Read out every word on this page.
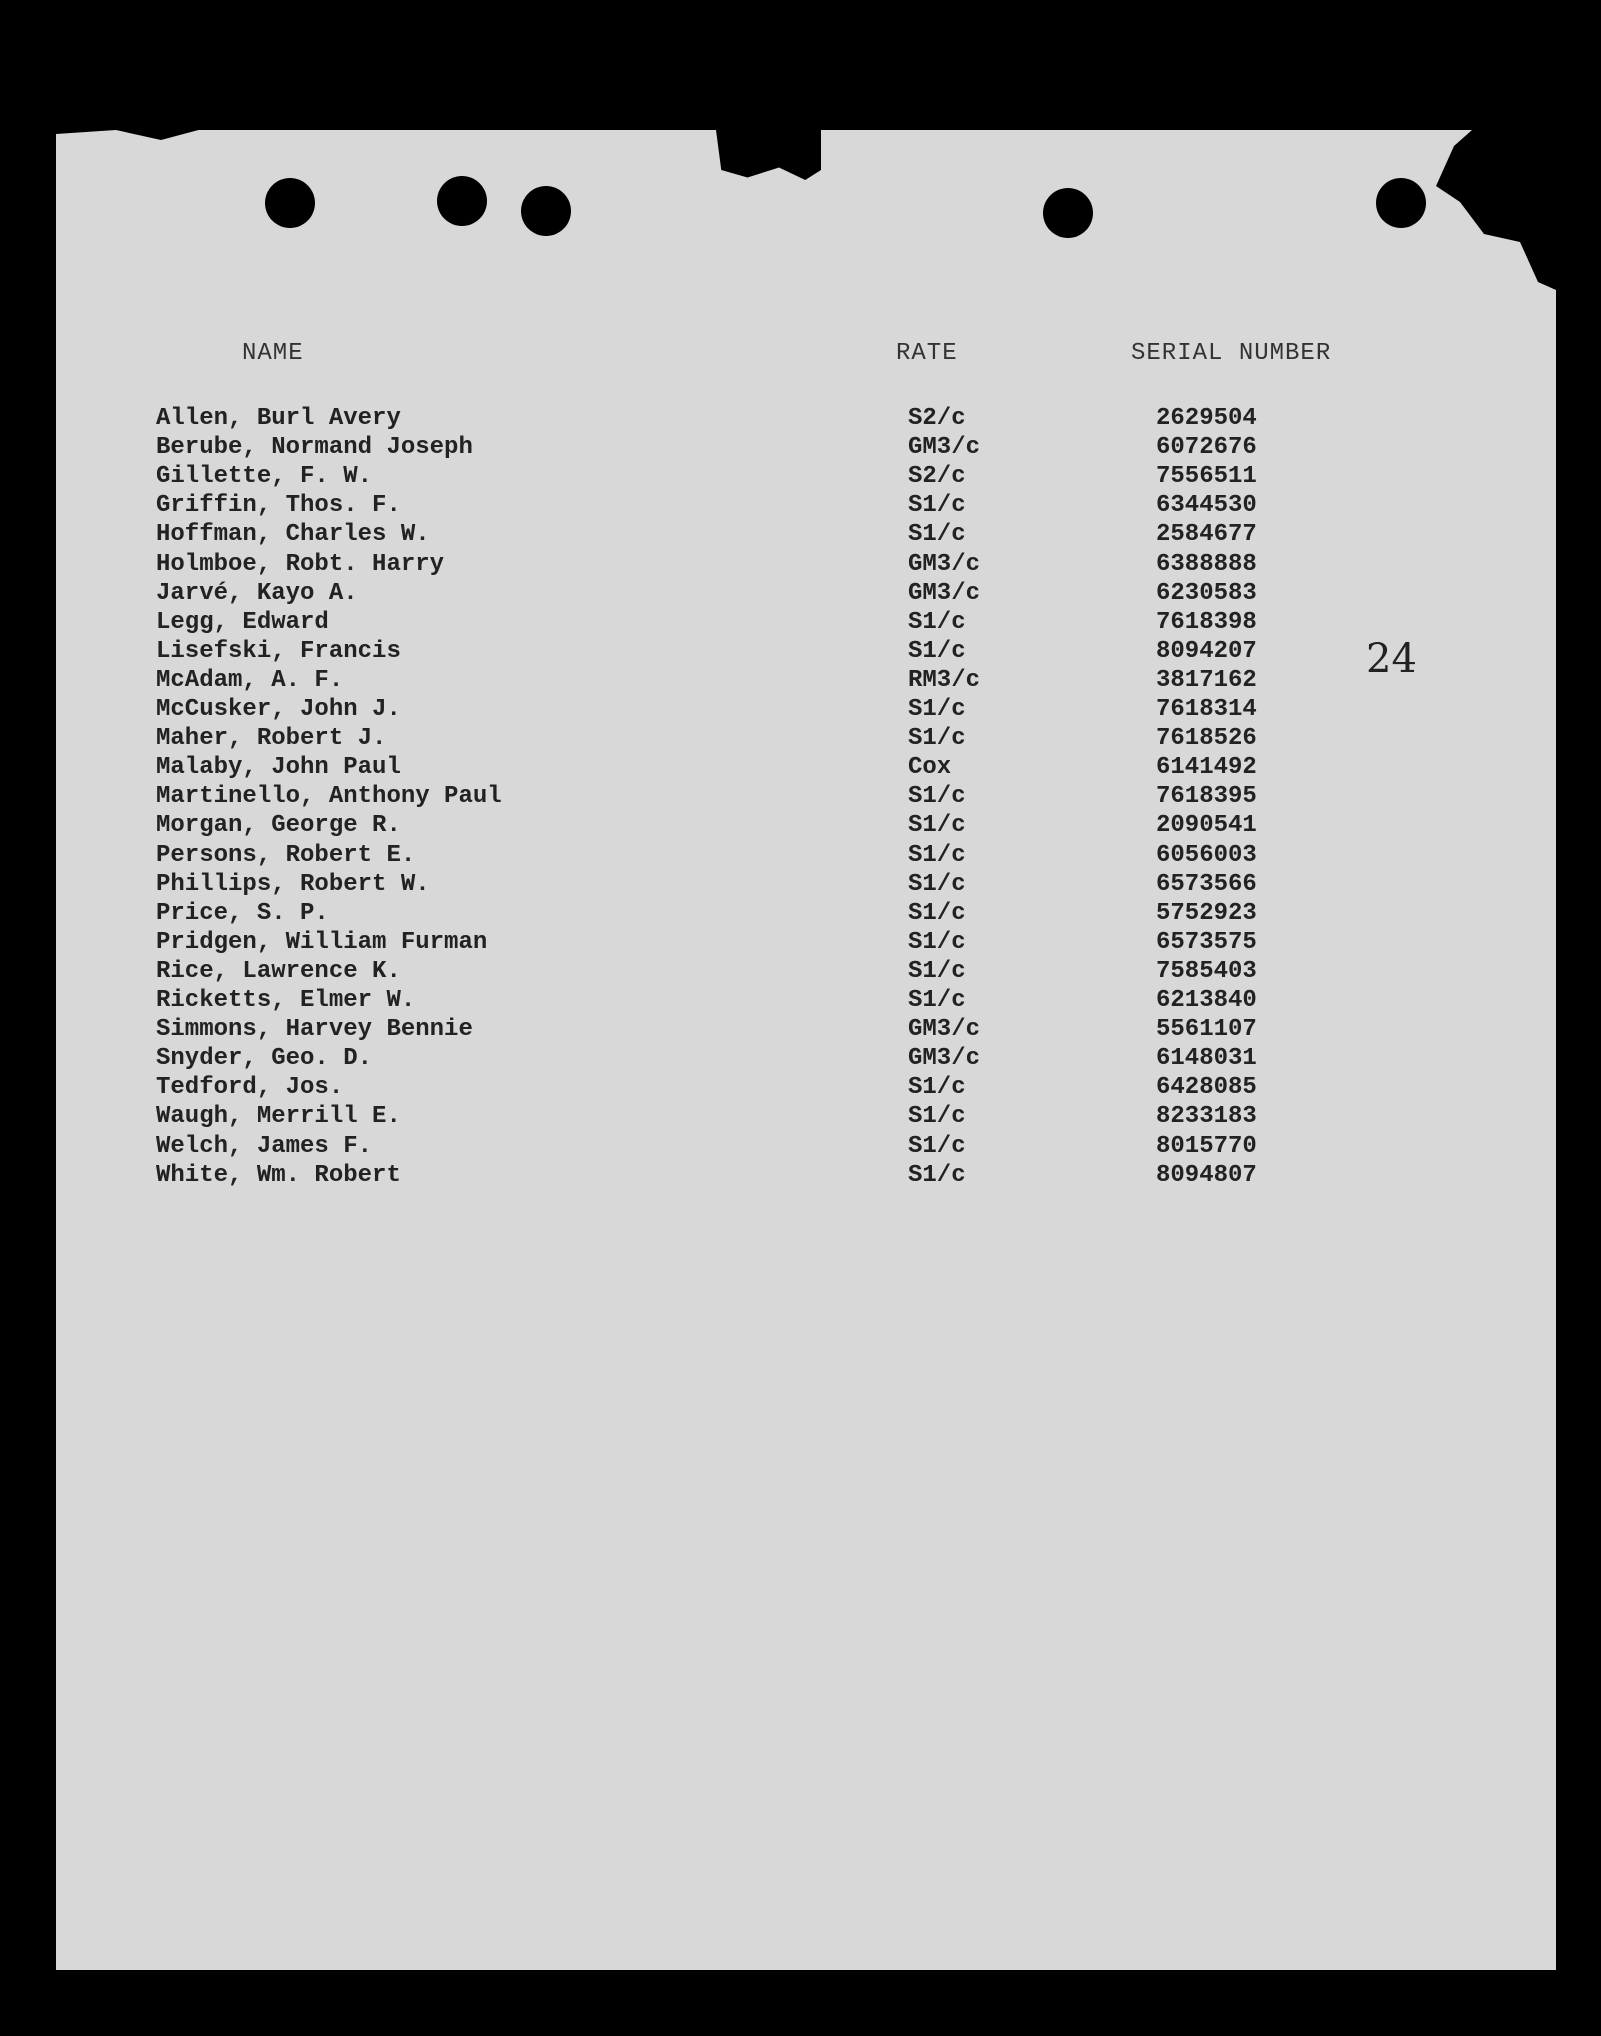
NAME	RATE	SERIAL NUMBER
24
Allen, Burl Avery	S2/c	2629504
Berube, Normand Joseph	GM3/c	6072676
Gillette, F. W.	S2/c	7556511
Griffin, Thos. F.	S1/c	6344530
Hoffman, Charles W.	S1/c	2584677
Holmboe, Robt. Harry	GM3/c	6388888
Jarvé, Kayo A.	GM3/c	6230583
Legg, Edward	S1/c	7618398
Lisefski, Francis	S1/c	8094207
McAdam, A. F.	RM3/c	3817162
McCusker, John J.	S1/c	7618314
Maher, Robert J.	S1/c	7618526
Malaby, John Paul	Cox	6141492
Martinello, Anthony Paul	S1/c	7618395
Morgan, George R.	S1/c	2090541
Persons, Robert E.	S1/c	6056003
Phillips, Robert W.	S1/c	6573566
Price, S. P.	S1/c	5752923
Pridgen, William Furman	S1/c	6573575
Rice, Lawrence K.	S1/c	7585403
Ricketts, Elmer W.	S1/c	6213840
Simmons, Harvey Bennie	GM3/c	5561107
Snyder, Geo. D.	GM3/c	6148031
Tedford, Jos.	S1/c	6428085
Waugh, Merrill E.	S1/c	8233183
Welch, James F.	S1/c	8015770
White, Wm. Robert	S1/c	8094807
